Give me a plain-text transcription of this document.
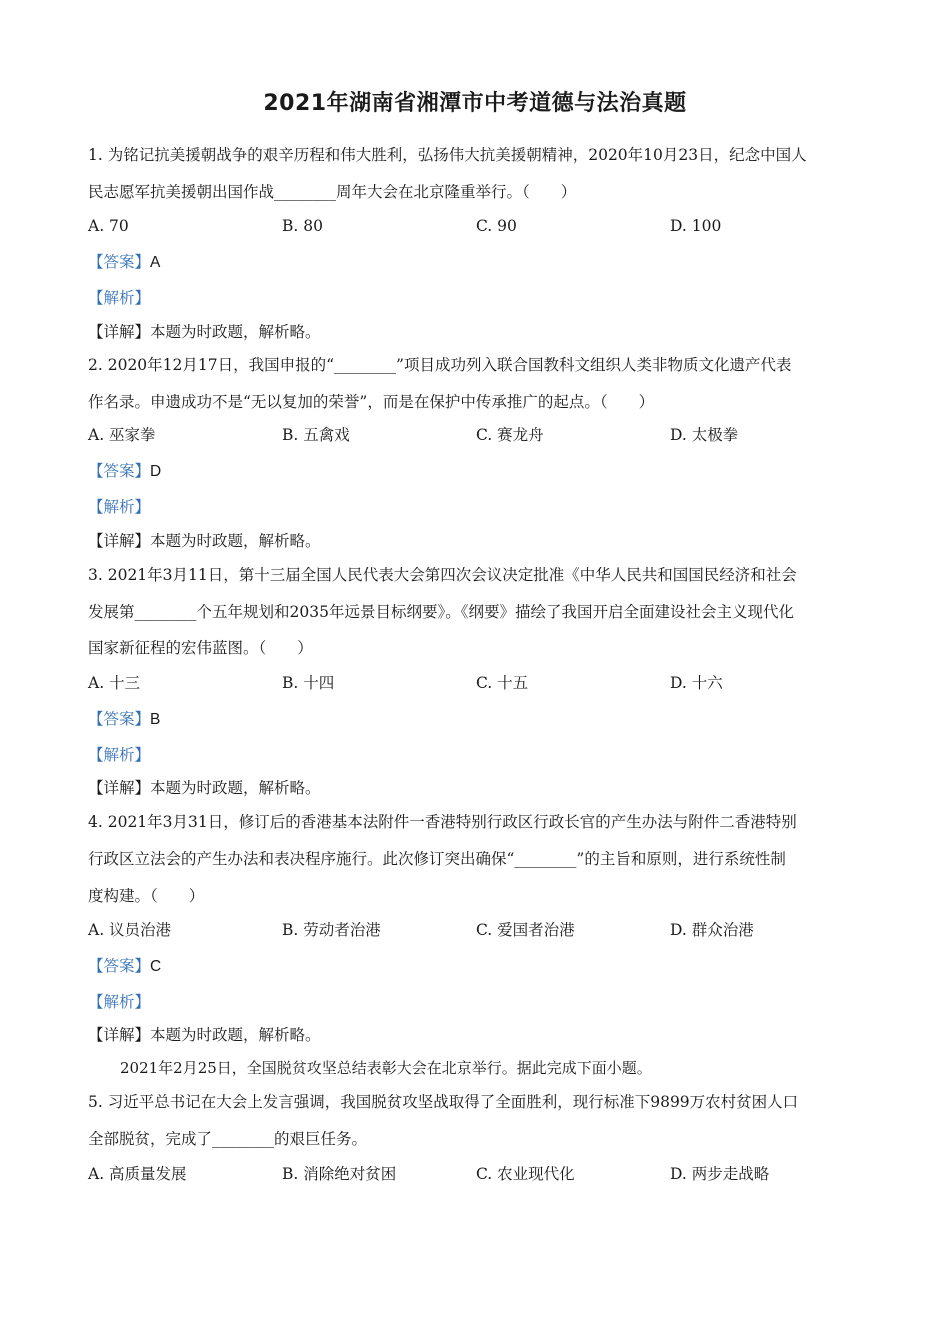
2021年湖南省湘潭市中考道德与法治真题
1. 为铭记抗美援朝战争的艰辛历程和伟大胜利，弘扬伟大抗美援朝精神，2020年10月23日，纪念中国人
民志愿军抗美援朝出国作战________周年大会在北京隆重举行。（　　）
A. 70	B. 80	C. 90	D. 100
【答案】A
【解析】
【详解】本题为时政题，解析略。
2. 2020年12月17日，我国申报的“________”项目成功列入联合国教科文组织人类非物质文化遗产代表
作名录。申遗成功不是“无以复加的荣誉”，而是在保护中传承推广的起点。（　　）
A. 巫家拳	B. 五禽戏	C. 赛龙舟	D. 太极拳
【答案】D
【解析】
【详解】本题为时政题，解析略。
3. 2021年3月11日，第十三届全国人民代表大会第四次会议决定批准《中华人民共和国国民经济和社会
发展第________个五年规划和2035年远景目标纲要》。《纲要》描绘了我国开启全面建设社会主义现代化
国家新征程的宏伟蓝图。（　　）
A. 十三	B. 十四	C. 十五	D. 十六
【答案】B
【解析】
【详解】本题为时政题，解析略。
4. 2021年3月31日，修订后的香港基本法附件一香港特别行政区行政长官的产生办法与附件二香港特别
行政区立法会的产生办法和表决程序施行。此次修订突出确保“________”的主旨和原则，进行系统性制
度构建。（　　）
A. 议员治港	B. 劳动者治港	C. 爱国者治港	D. 群众治港
【答案】C
【解析】
【详解】本题为时政题，解析略。
2021年2月25日，全国脱贫攻坚总结表彰大会在北京举行。据此完成下面小题。
5. 习近平总书记在大会上发言强调，我国脱贫攻坚战取得了全面胜利，现行标准下9899万农村贫困人口
全部脱贫，完成了________的艰巨任务。
A. 高质量发展	B. 消除绝对贫困	C. 农业现代化	D. 两步走战略
